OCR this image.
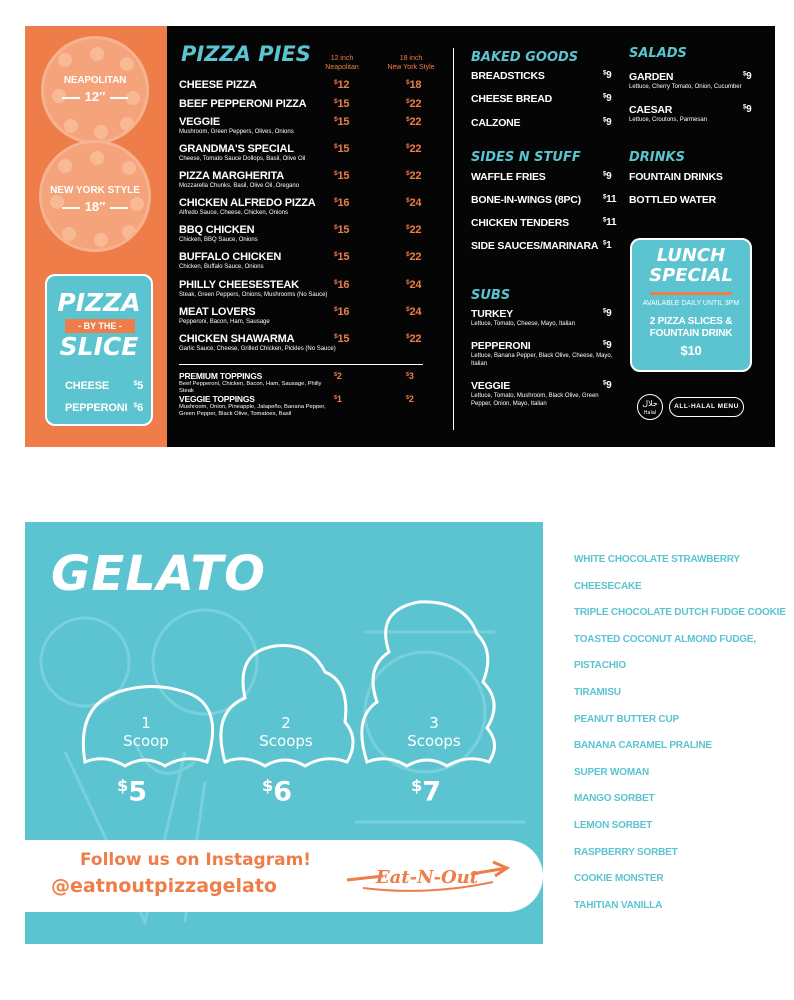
NEAPOLITAN
12″
NEW YORK STYLE
18″
PIZZA
- BY THE -
SLICE
CHEESE	$5
PEPPERONI $6
PIZZA PIES	12 inch
Neapolitan
18 inch
New York Style
CHEESE PIZZA	$12	$18
BEEF PEPPERONI PIZZA	$15	$22
VEGGIE
Mushroom, Green Peppers, Olives, Onions
$15	$22
GRANDMA'S SPECIAL
Cheese, Tomato Sauce Dollops, Basil, Olive Oil
$15	$22
PIZZA MARGHERITA
Mozzarella Chunks, Basil, Olive Oil ,Oregano
$15	$22
CHICKEN ALFREDO PIZZA
Alfredo Sauce, Cheese, Chicken, Onions
$16	$24
BBQ CHICKEN
Chicken, BBQ Sauce, Onions
$15	$22
BUFFALO CHICKEN
Chicken, Buffalo Sauce, Onions
$15	$22
PHILLY CHEESESTEAK
Steak, Green Peppers, Onions, Mushrooms (No Sauce)
$16	$24
MEAT LOVERS
Pepperoni, Bacon, Ham, Sausage
$16	$24
CHICKEN SHAWARMA
Garlic Sauce, Cheese, Grilled Chicken, Pickles (No Sauce)
$15	$22
PREMIUM TOPPINGS
Beef Pepperoni, Chicken, Bacon, Ham, Sausage, Philly Steak
$2	$3
VEGGIE TOPPINGS
Mushroom, Onion, Pineapple, Jalapeño, Banana Pepper, Green Pepper, Black Olive, Tomatoes, Basil
$1	$2
BAKED GOODS
BREADSTICKS	$9
CHEESE BREAD	$9
CALZONE	$9
SIDES N STUFF
WAFFLE FRIES	$9
BONE-IN-WINGS (8PC)	$11
CHICKEN TENDERS	$11
SIDE SAUCES/MARINARA $1
SUBS
TURKEY
Lettuce, Tomato, Cheese, Mayo, Italian
$9
PEPPERONI
Lettuce, Banana Pepper, Black Olive, Cheese, Mayo, Italian
$9
VEGGIE
Lettuce, Tomato, Mushroom, Black Olive, Green Pepper, Onion, Mayo, Italian
$9
SALADS
GARDEN
Lettuce, Cherry Tomato, Onion, Cucumber
$9
CAESAR
Lettuce, Croutons, Parmesan
$9
DRINKS
FOUNTAIN DRINKS
BOTTLED WATER
LUNCH
SPECIAL
AVAILABLE DAILY UNTIL 3PM
2 PIZZA SLICES & FOUNTAIN DRINK
$10
حلال
Halal
ALL-HALAL MENU
GELATO
1
Scoop
$5
2
Scoops
$6
3
Scoops
$7
Follow us on Instagram!
@eatnoutpizzagelato	Eat-N-Out
WHITE CHOCOLATE STRAWBERRY
CHEESECAKE
TRIPLE CHOCOLATE DUTCH FUDGE COOKIE
TOASTED COCONUT ALMOND FUDGE,
PISTACHIO
TIRAMISU
PEANUT BUTTER CUP
BANANA CARAMEL PRALINE
SUPER WOMAN
MANGO SORBET
LEMON SORBET
RASPBERRY SORBET
COOKIE MONSTER
TAHITIAN VANILLA
